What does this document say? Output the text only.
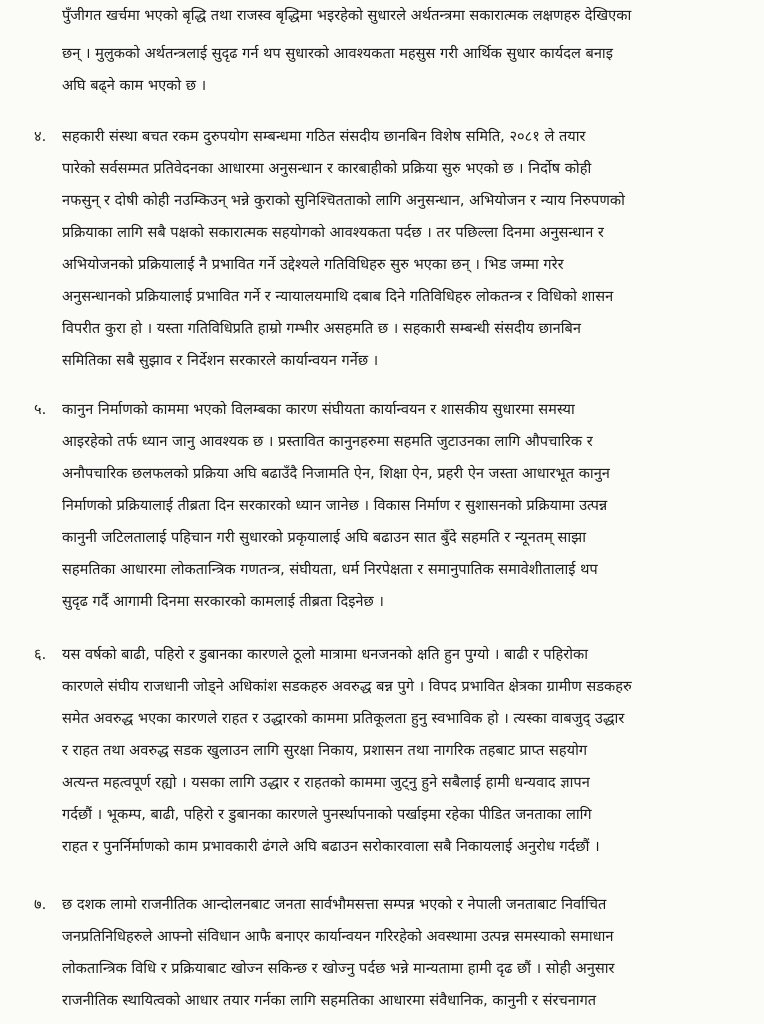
पुँजीगत खर्चमा भएको बृद्धि तथा राजस्व बृद्धिमा भइरहेको सुधारले अर्थतन्त्रमा सकारात्मक लक्षणहरु देखिएका
छन् । मुलुकको अर्थतन्त्रलाई सुदृढ गर्न थप सुधारको आवश्यकता महसुस गरी आर्थिक सुधार कार्यदल बनाइ
अघि बढ्ने काम भएको छ ।
४.	सहकारी संस्था बचत रकम दुरुपयोग सम्बन्धमा गठित संसदीय छानबिन विशेष समिति, २०८१ ले तयार
पारेको सर्वसम्मत प्रतिवेदनका आधारमा अनुसन्धान र कारबाहीको प्रक्रिया सुरु भएको छ । निर्दोष कोही
नफसुन् र दोषी कोही नउम्किउन् भन्ने कुराको सुनिश्चितताको लागि अनुसन्धान, अभियोजन र न्याय निरुपणको
प्रक्रियाका लागि सबै पक्षको सकारात्मक सहयोगको आवश्यकता पर्दछ । तर पछिल्ला दिनमा अनुसन्धान र
अभियोजनको प्रक्रियालाई नै प्रभावित गर्ने उद्देश्यले गतिविधिहरु सुरु भएका छन् । भिड जम्मा गरेर
अनुसन्धानको प्रक्रियालाई प्रभावित गर्ने र न्यायालयमाथि दबाब दिने गतिविधिहरु लोकतन्त्र र विधिको शासन
विपरीत कुरा हो । यस्ता गतिविधिप्रति हाम्रो गम्भीर असहमति छ । सहकारी सम्बन्धी संसदीय छानबिन
समितिका सबै सुझाव र निर्देशन सरकारले कार्यान्वयन गर्नेछ ।
५.	कानुन निर्माणको काममा भएको विलम्बका कारण संघीयता कार्यान्वयन र शासकीय सुधारमा समस्या
आइरहेको तर्फ ध्यान जानु आवश्यक छ । प्रस्तावित कानुनहरुमा सहमति जुटाउनका लागि औपचारिक र
अनौपचारिक छलफलको प्रक्रिया अघि बढाउँदै निजामति ऐन, शिक्षा ऐन, प्रहरी ऐन जस्ता आधारभूत कानुन
निर्माणको प्रक्रियालाई तीब्रता दिन सरकारको ध्यान जानेछ । विकास निर्माण र सुशासनको प्रक्रियामा उत्पन्न
कानुनी जटिलतालाई पहिचान गरी सुधारको प्रकृयालाई अघि बढाउन सात बुँदे सहमति र न्यूनतम् साझा
सहमतिका आधारमा लोकतान्त्रिक गणतन्त्र, संघीयता, धर्म निरपेक्षता र समानुपातिक समावेशीतालाई थप
सुदृढ गर्दै आगामी दिनमा सरकारको कामलाई तीब्रता दिइनेछ ।
६.	यस वर्षको बाढी, पहिरो र डुबानका कारणले ठूलो मात्रामा धनजनको क्षति हुन पुग्यो । बाढी र पहिरोका
कारणले संघीय राजधानी जोड्ने अधिकांश सडकहरु अवरुद्ध बन्न पुगे । विपद प्रभावित क्षेत्रका ग्रामीण सडकहरु
समेत अवरुद्ध भएका कारणले राहत र उद्धारको काममा प्रतिकूलता हुनु स्वभाविक हो । त्यस्का वाबजुद् उद्धार
र राहत तथा अवरुद्ध सडक खुलाउन लागि सुरक्षा निकाय, प्रशासन तथा नागरिक तहबाट प्राप्त सहयोग
अत्यन्त महत्वपूर्ण रह्यो । यसका लागि उद्धार र राहतको काममा जुट्नु हुने सबैलाई हामी धन्यवाद ज्ञापन
गर्दछौं । भूकम्प, बाढी, पहिरो र डुबानका कारणले पुनर्स्थापनाको पर्खाइमा रहेका पीडित जनताका लागि
राहत र पुनर्निर्माणको काम प्रभावकारी ढंगले अघि बढाउन सरोकारवाला सबै निकायलाई अनुरोध गर्दछौं ।
७.	छ दशक लामो राजनीतिक आन्दोलनबाट जनता सार्वभौमसत्ता सम्पन्न भएको र नेपाली जनताबाट निर्वाचित
जनप्रतिनिधिहरुले आफ्नो संविधान आफै बनाएर कार्यान्वयन गरिरहेको अवस्थामा उत्पन्न समस्याको समाधान
लोकतान्त्रिक विधि र प्रक्रियाबाट खोज्न सकिन्छ र खोज्नु पर्दछ भन्ने मान्यतामा हामी दृढ छौं । सोही अनुसार
राजनीतिक स्थायित्वको आधार तयार गर्नका लागि सहमतिका आधारमा संवैधानिक, कानुनी र संरचनागत
